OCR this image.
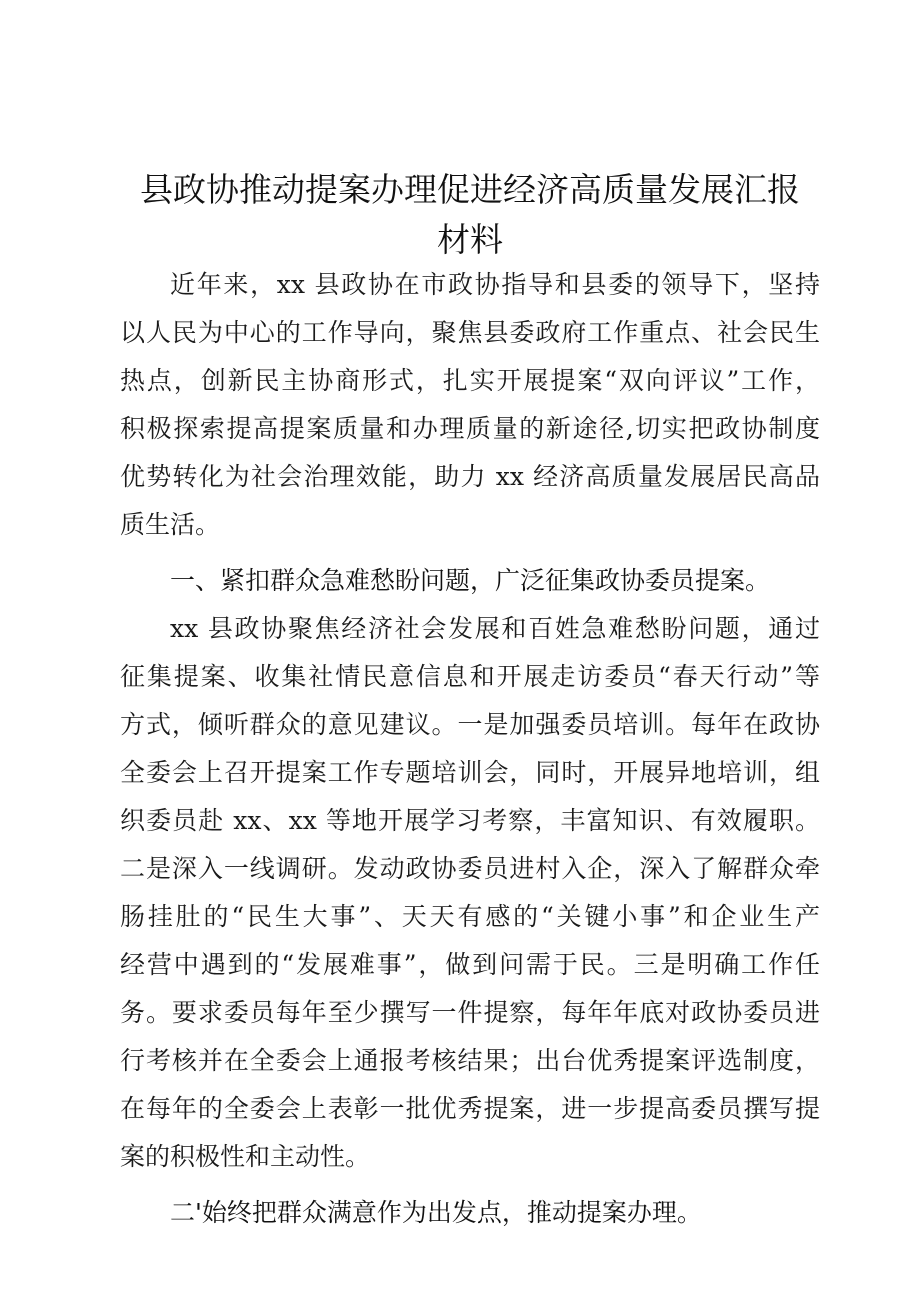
县政协推动提案办理促进经济高质量发展汇报
材料
近年来，xx 县政协在市政协指导和县委的领导下，坚持
以人民为中心的工作导向，聚焦县委政府工作重点、社会民生
热点，创新民主协商形式，扎实开展提案“双向评议”工作，
积极探索提高提案质量和办理质量的新途径,切实把政协制度
优势转化为社会治理效能，助力 xx 经济高质量发展居民高品
质生活。
一、紧扣群众急难愁盼问题，广泛征集政协委员提案。
xx 县政协聚焦经济社会发展和百姓急难愁盼问题，通过
征集提案、收集社情民意信息和开展走访委员“春天行动”等
方式，倾听群众的意见建议。一是加强委员培训。每年在政协
全委会上召开提案工作专题培训会，同时，开展异地培训，组
织委员赴 xx、xx 等地开展学习考察，丰富知识、有效履职。
二是深入一线调研。发动政协委员进村入企，深入了解群众牵
肠挂肚的“民生大事”、天天有感的“关键小事”和企业生产
经营中遇到的“发展难事”，做到问需于民。三是明确工作任
务。要求委员每年至少撰写一件提察，每年年底对政协委员进
行考核并在全委会上通报考核结果；出台优秀提案评选制度，
在每年的全委会上表彰一批优秀提案，进一步提高委员撰写提
案的积极性和主动性。
二'始终把群众满意作为出发点，推动提案办理。
